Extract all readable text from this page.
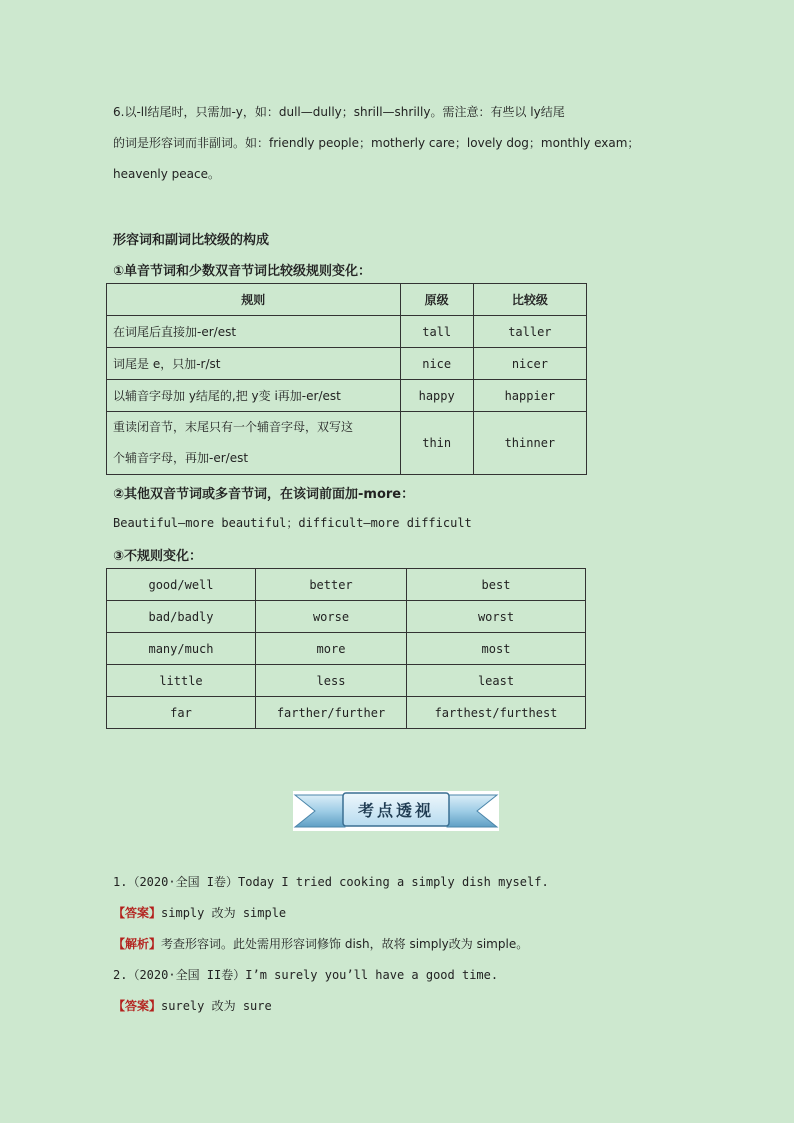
6.以-ll结尾时，只需加-y，如：dull—dully；shrill—shrilly。需注意：有些以 ly结尾
的词是形容词而非副词。如：friendly people；motherly care；lovely dog；monthly exam；
heavenly peace。
形容词和副词比较级的构成
①单音节词和少数双音节词比较级规则变化：
规则	原级	比较级
在词尾后直接加-er/est	tall	taller
词尾是 e，只加-r/st	nice	nicer
以辅音字母加 y结尾的,把 y变 i再加-er/est	happy	happier

重读闭音节，末尾只有一个辅音字母，双写这
个辅音字母，再加-er/est	thin	thinner
②其他双音节词或多音节词，在该词前面加-more：
Beautiful—more beautiful；difficult—more difficult
③不规则变化：
good/well	better	best
bad/badly	worse	worst
many/much	more	most
little	less	least
far	farther/further	farthest/furthest
考点透视
1.（2020·全国 I卷）Today I tried cooking a simply dish myself.
【答案】simply 改为 simple
【解析】考查形容词。此处需用形容词修饰 dish，故将 simply改为 simple。
2.（2020·全国 II卷）I’m surely you’ll have a good time.
【答案】surely 改为 sure
